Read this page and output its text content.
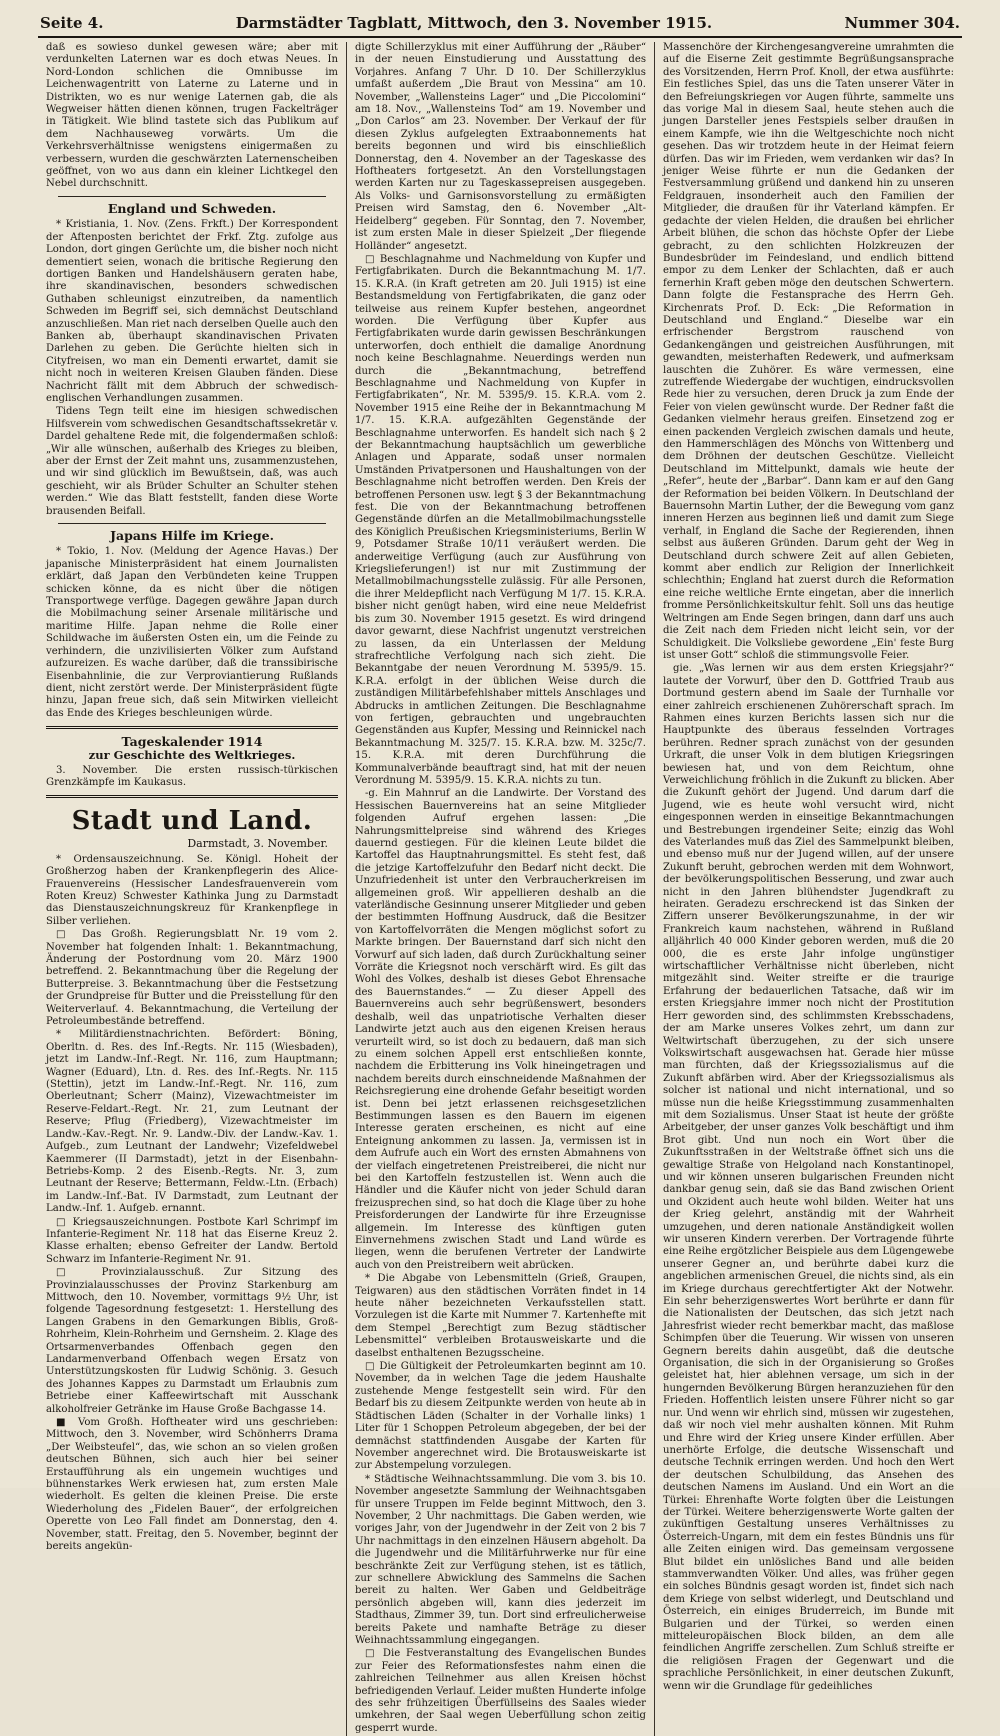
Seite 4.	Darmstädter Tagblatt, Mittwoch, den 3. November 1915.	Nummer 304.

daß es sowieso dunkel gewesen wäre; aber mit verdunkelten Laternen war es doch etwas Neues. In Nord-London schlichen die Omnibusse im Leichenwagentritt von Laterne zu Laterne und in Distrikten, wo es nur wenige Laternen gab, die als Wegweiser hätten dienen können, trugen Fackelträger in Tätigkeit. Wie blind tastete sich das Publikum auf dem Nachhauseweg vorwärts. Um die Verkehrsverhältnisse wenigstens einigermaßen zu verbessern, wurden die geschwärzten Laternenscheiben geöffnet, von wo aus dann ein kleiner Lichtkegel den Nebel durchschnitt.

England und Schweden.

* Kristiania, 1. Nov. (Zens. Frkft.) Der Korrespondent der Aftenposten berichtet der Frkf. Ztg. zufolge aus London, dort gingen Gerüchte um, die bisher noch nicht dementiert seien, wonach die britische Regierung den dortigen Banken und Handelshäusern geraten habe, ihre skandinavischen, besonders schwedischen Guthaben schleunigst einzutreiben, da namentlich Schweden im Begriff sei, sich demnächst Deutschland anzuschließen. Man riet nach derselben Quelle auch den Banken ab, überhaupt skandinavischen Privaten Darlehen zu geben. Die Gerüchte hielten sich in Cityfreisen, wo man ein Dementi erwartet, damit sie nicht noch in weiteren Kreisen Glauben fänden. Diese Nachricht fällt mit dem Abbruch der schwedisch-englischen Verhandlungen zusammen.

Tidens Tegn teilt eine im hiesigen schwedischen Hilfsverein vom schwedischen Gesandtschaftssekretär v. Dardel gehaltene Rede mit, die folgendermaßen schloß: „Wir alle wünschen, außerhalb des Krieges zu bleiben, aber der Ernst der Zeit mahnt uns, zusammenzustehen, und wir sind glücklich im Bewußtsein, daß, was auch geschieht, wir als Brüder Schulter an Schulter stehen werden.“ Wie das Blatt feststellt, fanden diese Worte brausenden Beifall.

Japans Hilfe im Kriege.

* Tokio, 1. Nov. (Meldung der Agence Havas.) Der japanische Ministerpräsident hat einem Journalisten erklärt, daß Japan den Verbündeten keine Truppen schicken könne, da es nicht über die nötigen Transportwege verfüge. Dagegen gewähre Japan durch die Mobilmachung seiner Arsenale militärische und maritime Hilfe. Japan nehme die Rolle einer Schildwache im äußersten Osten ein, um die Feinde zu verhindern, die unzivilisierten Völker zum Aufstand aufzureizen. Es wache darüber, daß die transsibirische Eisenbahnlinie, die zur Verproviantierung Rußlands dient, nicht zerstört werde. Der Ministerpräsident fügte hinzu, Japan freue sich, daß sein Mitwirken vielleicht das Ende des Krieges beschleunigen würde.

Tageskalender 1914
zur Geschichte des Weltkrieges.

3. November. Die ersten russisch-türkischen Grenzkämpfe im Kaukasus.

Stadt und Land.
Darmstadt, 3. November.

* Ordensauszeichnung. Se. Königl. Hoheit der Großherzog haben der Krankenpflegerin des Alice-Frauenvereins (Hessischer Landesfrauenverein vom Roten Kreuz) Schwester Kathinka Jung zu Darmstadt das Dienstauszeichnungskreuz für Krankenpflege in Silber verliehen.

□ Das Großh. Regierungsblatt Nr. 19 vom 2. November hat folgenden Inhalt: 1. Bekanntmachung, Änderung der Postordnung vom 20. März 1900 betreffend. 2. Bekanntmachung über die Regelung der Butterpreise. 3. Bekanntmachung über die Festsetzung der Grundpreise für Butter und die Preisstellung für den Weiterverlauf. 4. Bekanntmachung, die Verteilung der Petroleumbestände betreffend.

* Militärdienstnachrichten. Befördert: Böning, Oberltn. d. Res. des Inf.-Regts. Nr. 115 (Wiesbaden), jetzt im Landw.-Inf.-Regt. Nr. 116, zum Hauptmann; Wagner (Eduard), Ltn. d. Res. des Inf.-Regts. Nr. 115 (Stettin), jetzt im Landw.-Inf.-Regt. Nr. 116, zum Oberleutnant; Scherr (Mainz), Vizewachtmeister im Reserve-Feldart.-Regt. Nr. 21, zum Leutnant der Reserve; Pflug (Friedberg), Vizewachtmeister im Landw.-Kav.-Regt. Nr. 9. Landw.-Div. der Landw.-Kav. 1. Aufgeb., zum Leutnant der Landwehr; Vizefeldwebel Kaemmerer (II Darmstadt), jetzt in der Eisenbahn-Betriebs-Komp. 2 des Eisenb.-Regts. Nr. 3, zum Leutnant der Reserve; Bettermann, Feldw.-Ltn. (Erbach) im Landw.-Inf.-Bat. IV Darmstadt, zum Leutnant der Landw.-Inf. 1. Aufgeb. ernannt.

□ Kriegsauszeichnungen. Postbote Karl Schrimpf im Infanterie-Regiment Nr. 118 hat das Eiserne Kreuz 2. Klasse erhalten; ebenso Gefreiter der Landw. Bertold Schwarz im Infanterie-Regiment Nr. 91.

□ Provinzialausschuß. Zur Sitzung des Provinzialausschusses der Provinz Starkenburg am Mittwoch, den 10. November, vormittags 9½ Uhr, ist folgende Tagesordnung festgesetzt: 1. Herstellung des Langen Grabens in den Gemarkungen Biblis, Groß-Rohrheim, Klein-Rohrheim und Gernsheim. 2. Klage des Ortsarmenverbandes Offenbach gegen den Landarmenverband Offenbach wegen Ersatz von Unterstützungskosten für Ludwig Schönig. 3. Gesuch des Johannes Kappes zu Darmstadt um Erlaubnis zum Betriebe einer Kaffeewirtschaft mit Ausschank alkoholfreier Getränke im Hause Große Bachgasse 14.

■ Vom Großh. Hoftheater wird uns geschrieben: Mittwoch, den 3. November, wird Schönherrs Drama „Der Weibsteufel“, das, wie schon an so vielen großen deutschen Bühnen, sich auch hier bei seiner Erstaufführung als ein ungemein wuchtiges und bühnenstarkes Werk erwiesen hat, zum ersten Male wiederholt. Es gelten die kleinen Preise. Die erste Wiederholung des „Fidelen Bauer“, der erfolgreichen Operette von Leo Fall findet am Donnerstag, den 4. November, statt. Freitag, den 5. November, beginnt der bereits angekün-

digte Schillerzyklus mit einer Aufführung der „Räuber“ in der neuen Einstudierung und Ausstattung des Vorjahres. Anfang 7 Uhr. D 10. Der Schillerzyklus umfaßt außerdem „Die Braut von Messina“ am 10. November, „Wallensteins Lager“ und „Die Piccolomini“ am 18. Nov., „Wallensteins Tod“ am 19. November und „Don Carlos“ am 23. November. Der Verkauf der für diesen Zyklus aufgelegten Extraabonnements hat bereits begonnen und wird bis einschließlich Donnerstag, den 4. November an der Tageskasse des Hoftheaters fortgesetzt. An den Vorstellungstagen werden Karten nur zu Tageskassepreisen ausgegeben. Als Volks- und Garnisonsvorstellung zu ermäßigten Preisen wird Samstag, den 6. November „Alt-Heidelberg“ gegeben. Für Sonntag, den 7. November, ist zum ersten Male in dieser Spielzeit „Der fliegende Holländer“ angesetzt.

□ Beschlagnahme und Nachmeldung von Kupfer und Fertigfabrikaten. Durch die Bekanntmachung M. 1/7. 15. K.R.A. (in Kraft getreten am 20. Juli 1915) ist eine Bestandsmeldung von Fertigfabrikaten, die ganz oder teilweise aus reinem Kupfer bestehen, angeordnet worden. Die Verfügung über Kupfer aus Fertigfabrikaten wurde darin gewissen Beschränkungen unterworfen, doch enthielt die damalige Anordnung noch keine Beschlagnahme. Neuerdings werden nun durch die „Bekanntmachung, betreffend Beschlagnahme und Nachmeldung von Kupfer in Fertigfabrikaten“, Nr. M. 5395/9. 15. K.R.A. vom 2. November 1915 eine Reihe der in Bekanntmachung M 1/7. 15. K.R.A. aufgezählten Gegenstände der Beschlagnahme unterworfen. Es handelt sich nach § 2 der Bekanntmachung hauptsächlich um gewerbliche Anlagen und Apparate, sodaß unser normalen Umständen Privatpersonen und Haushaltungen von der Beschlagnahme nicht betroffen werden. Den Kreis der betroffenen Personen usw. legt § 3 der Bekanntmachung fest. Die von der Bekanntmachung betroffenen Gegenstände dürfen an die Metallmobilmachungsstelle des Königlich Preußischen Kriegsministeriums, Berlin W 9, Potsdamer Straße 10/11 veräußert werden. Die anderweitige Verfügung (auch zur Ausführung von Kriegslieferungen!) ist nur mit Zustimmung der Metallmobilmachungsstelle zulässig. Für alle Personen, die ihrer Meldepflicht nach Verfügung M 1/7. 15. K.R.A. bisher nicht genügt haben, wird eine neue Meldefrist bis zum 30. November 1915 gesetzt. Es wird dringend davor gewarnt, diese Nachfrist ungenutzt verstreichen zu lassen, da ein Unterlassen der Meldung strafrechtliche Verfolgung nach sich zieht. Die Bekanntgabe der neuen Verordnung M. 5395/9. 15. K.R.A. erfolgt in der üblichen Weise durch die zuständigen Militärbefehlshaber mittels Anschlages und Abdrucks in amtlichen Zeitungen. Die Beschlagnahme von fertigen, gebrauchten und ungebrauchten Gegenständen aus Kupfer, Messing und Reinnickel nach Bekanntmachung M. 325/7. 15. K.R.A. bzw. M. 325c/7. 15. K.R.A. mit deren Durchführung die Kommunalverbände beauftragt sind, hat mit der neuen Verordnung M. 5395/9. 15. K.R.A. nichts zu tun.

-g. Ein Mahnruf an die Landwirte. Der Vorstand des Hessischen Bauernvereins hat an seine Mitglieder folgenden Aufruf ergehen lassen: „Die Nahrungsmittelpreise sind während des Krieges dauernd gestiegen. Für die kleinen Leute bildet die Kartoffel das Hauptnahrungsmittel. Es steht fest, daß die jetzige Kartoffelzufuhr den Bedarf nicht deckt. Die Unzufriedenheit ist unter den Verbraucherkreisen im allgemeinen groß. Wir appellieren deshalb an die vaterländische Gesinnung unserer Mitglieder und geben der bestimmten Hoffnung Ausdruck, daß die Besitzer von Kartoffelvorräten die Mengen möglichst sofort zu Markte bringen. Der Bauernstand darf sich nicht den Vorwurf auf sich laden, daß durch Zurückhaltung seiner Vorräte die Kriegsnot noch verschärft wird. Es gilt das Wohl des Volkes, deshalb ist dieses Gebot Ehrensache des Bauernstandes.“ — Zu dieser Appell des Bauernvereins auch sehr begrüßenswert, besonders deshalb, weil das unpatriotische Verhalten dieser Landwirte jetzt auch aus den eigenen Kreisen heraus verurteilt wird, so ist doch zu bedauern, daß man sich zu einem solchen Appell erst entschließen konnte, nachdem die Erbitterung ins Volk hineingetragen und nachdem bereits durch einschneidende Maßnahmen der Reichsregierung eine drohende Gefahr beseitigt worden ist. Denn bei jetzt erlassenen reichsgesetzlichen Bestimmungen lassen es den Bauern im eigenen Interesse geraten erscheinen, es nicht auf eine Enteignung ankommen zu lassen. Ja, vermissen ist in dem Aufrufe auch ein Wort des ernsten Abmahnens von der vielfach eingetretenen Preistreiberei, die nicht nur bei den Kartoffeln festzustellen ist. Wenn auch die Händler und die Käufer nicht von jeder Schuld daran freizusprechen sind, so hat doch die Klage über zu hohe Preisforderungen der Landwirte für ihre Erzeugnisse allgemein. Im Interesse des künftigen guten Einvernehmens zwischen Stadt und Land würde es liegen, wenn die berufenen Vertreter der Landwirte auch von den Preistreibern weit abrücken.

* Die Abgabe von Lebensmitteln (Grieß, Graupen, Teigwaren) aus den städtischen Vorräten findet in 14 heute näher bezeichneten Verkaufsstellen statt. Vorzulegen ist die Karte mit Nummer 7. Kartenhefte mit dem Stempel „Berechtigt zum Bezug städtischer Lebensmittel“ verbleiben Brotausweiskarte und die daselbst enthaltenen Bezugsscheine.

□ Die Gültigkeit der Petroleumkarten beginnt am 10. November, da in welchen Tage die jedem Haushalte zustehende Menge festgestellt sein wird. Für den Bedarf bis zu diesem Zeitpunkte werden von heute ab in Städtischen Läden (Schalter in der Vorhalle links) 1 Liter für 1 Schoppen Petroleum abgegeben, der bei der demnächst stattfindenden Ausgabe der Karten für November angerechnet wird. Die Brotausweiskarte ist zur Abstempelung vorzulegen.

* Städtische Weihnachtssammlung. Die vom 3. bis 10. November angesetzte Sammlung der Weihnachtsgaben für unsere Truppen im Felde beginnt Mittwoch, den 3. November, 2 Uhr nachmittags. Die Gaben werden, wie voriges Jahr, von der Jugendwehr in der Zeit von 2 bis 7 Uhr nachmittags in den einzelnen Häusern abgeholt. Da die Jugendwehr und die Militärfuhrwerke nur für eine beschränkte Zeit zur Verfügung stehen, ist es tätlich, zur schnellere Abwicklung des Sammelns die Sachen bereit zu halten. Wer Gaben und Geldbeiträge persönlich abgeben will, kann dies jederzeit im Stadthaus, Zimmer 39, tun. Dort sind erfreulicherweise bereits Pakete und namhafte Beträge zu dieser Weihnachtssammlung eingegangen.

□ Die Festveranstaltung des Evangelischen Bundes zur Feier des Reformationsfestes nahm einen die zahlreichen Teilnehmer aus allen Kreisen höchst befriedigenden Verlauf. Leider mußten Hunderte infolge des sehr frühzeitigen Überfüllseins des Saales wieder umkehren, der Saal wegen Ueberfüllung schon zeitig gesperrt wurde.

Massenchöre der Kirchengesangvereine umrahmten die auf die Eiserne Zeit gestimmte Begrüßungsansprache des Vorsitzenden, Herrn Prof. Knoll, der etwa ausführte: Ein festliches Spiel, das uns die Taten unserer Väter in den Befreiungskriegen vor Augen führte, sammelte uns das vorige Mal in diesem Saal, heute stehen auch die jungen Darsteller jenes Festspiels selber draußen in einem Kampfe, wie ihn die Weltgeschichte noch nicht gesehen. Das wir trotzdem heute in der Heimat feiern dürfen. Das wir im Frieden, wem verdanken wir das? In jeniger Weise führte er nun die Gedanken der Festversammlung grüßend und dankend hin zu unseren Feldgrauen, insonderheit auch den Familien der Mitglieder, die draußen für ihr Vaterland kämpfen. Er gedachte der vielen Helden, die draußen bei ehrlicher Arbeit blühen, die schon das höchste Opfer der Liebe gebracht, zu den schlichten Holzkreuzen der Bundesbrüder im Feindesland, und endlich bittend empor zu dem Lenker der Schlachten, daß er auch fernerhin Kraft geben möge den deutschen Schwertern. Dann folgte die Festansprache des Herrn Geh. Kirchenrats Prof. D. Eck: „Die Reformation in Deutschland und England.“ Dieselbe war ein erfrischender Bergstrom rauschend von Gedankengängen und geistreichen Ausführungen, mit gewandten, meisterhaften Redewerk, und aufmerksam lauschten die Zuhörer. Es wäre vermessen, eine zutreffende Wiedergabe der wuchtigen, eindrucksvollen Rede hier zu versuchen, deren Druck ja zum Ende der Feier von vielen gewünscht wurde. Der Redner faßt die Gedanken vielmehr heraus greifen. Einsetzend zog er einen packenden Vergleich zwischen damals und heute, den Hammerschlägen des Mönchs von Wittenberg und dem Dröhnen der deutschen Geschütze. Vielleicht Deutschland im Mittelpunkt, damals wie heute der „Refer“, heute der „Barbar“. Dann kam er auf den Gang der Reformation bei beiden Völkern. In Deutschland der Bauernsohn Martin Luther, der die Bewegung vom ganz inneren Herzen aus beginnen ließ und damit zum Siege verhalf, in England die Sache der Regierenden, ihnen selbst aus äußeren Gründen. Darum geht der Weg in Deutschland durch schwere Zeit auf allen Gebieten, kommt aber endlich zur Religion der Innerlichkeit schlechthin; England hat zuerst durch die Reformation eine reiche weltliche Ernte eingetan, aber die innerlich fromme Persönlichkeitskultur fehlt. Soll uns das heutige Weltringen am Ende Segen bringen, dann darf uns auch die Zeit nach dem Frieden nicht leicht sein, vor der Schuldigkeit. Die Volksliebe gewordene „Ein' feste Burg ist unser Gott“ schloß die stimmungsvolle Feier.

gie. „Was lernen wir aus dem ersten Kriegsjahr?“ lautete der Vorwurf, über den D. Gottfried Traub aus Dortmund gestern abend im Saale der Turnhalle vor einer zahlreich erschienenen Zuhörerschaft sprach. Im Rahmen eines kurzen Berichts lassen sich nur die Hauptpunkte des überaus fesselnden Vortrages berühren. Redner sprach zunächst von der gesunden Urkraft, die unser Volk in dem blutigen Kriegsringen bewiesen hat, und von dem Reichtum, ohne Verweichlichung fröhlich in die Zukunft zu blicken. Aber die Zukunft gehört der Jugend. Und darum darf die Jugend, wie es heute wohl versucht wird, nicht eingesponnen werden in einseitige Bekanntmachungen und Bestrebungen irgendeiner Seite; einzig das Wohl des Vaterlandes muß das Ziel des Sammelpunkt bleiben, und ebenso muß nur der Jugend willen, auf der unsere Zukunft beruht, gebrochen werden mit dem Wohnwort, der bevölkerungspolitischen Besserung, und zwar auch nicht in den Jahren blühendster Jugendkraft zu heiraten. Geradezu erschreckend ist das Sinken der Ziffern unserer Bevölkerungszunahme, in der wir Frankreich kaum nachstehen, während in Rußland alljährlich 40 000 Kinder geboren werden, muß die 20 000, die es erste Jahr infolge ungünstiger wirtschaftlicher Verhältnisse nicht überleben, nicht mitgezählt sind. Weiter streifte er die traurige Erfahrung der bedauerlichen Tatsache, daß wir im ersten Kriegsjahre immer noch nicht der Prostitution Herr geworden sind, des schlimmsten Krebsschadens, der am Marke unseres Volkes zehrt, um dann zur Weltwirtschaft überzugehen, zu der sich unsere Volkswirtschaft ausgewachsen hat. Gerade hier müsse man fürchten, daß der Kriegssozialismus auf die Zukunft abfärben wird. Aber der Kriegssozialismus als solcher ist national und nicht international, und so müsse nun die heiße Kriegsstimmung zusammenhalten mit dem Sozialismus. Unser Staat ist heute der größte Arbeitgeber, der unser ganzes Volk beschäftigt und ihm Brot gibt. Und nun noch ein Wort über die Zukunftsstraßen in der Weltstraße öffnet sich uns die gewaltige Straße von Helgoland nach Konstantinopel, und wir können unseren bulgarischen Freunden nicht dankbar genug sein, daß sie das Band zwischen Orient und Okzident auch heute wohl bilden. Weiter hat uns der Krieg gelehrt, anständig mit der Wahrheit umzugehen, und deren nationale Anständigkeit wollen wir unseren Kindern vererben. Der Vortragende führte eine Reihe ergötzlicher Beispiele aus dem Lügengewebe unserer Gegner an, und berührte dabei kurz die angeblichen armenischen Greuel, die nichts sind, als ein im Kriege durchaus gerechtfertigter Akt der Notwehr. Ein sehr beherzigenswertes Wort berührte er dann für die Nationalisten der Deutschen, das sich jetzt nach Jahresfrist wieder recht bemerkbar macht, das maßlose Schimpfen über die Teuerung. Wir wissen von unseren Gegnern bereits dahin ausgeübt, daß die deutsche Organisation, die sich in der Organisierung so Großes geleistet hat, hier ablehnen versage, um sich in der hungernden Bevölkerung Bürgen heranzuziehen für den Frieden. Hoffentlich leisten unsere Führer nicht so gar nur. Und wenn wir ehrlich sind, müssen wir zugestehen, daß wir noch viel mehr aushalten können. Mit Ruhm und Ehre wird der Krieg unsere Kinder erfüllen. Aber unerhörte Erfolge, die deutsche Wissenschaft und deutsche Technik erringen werden. Und hoch den Wert der deutschen Schulbildung, das Ansehen des deutschen Namens im Ausland. Und ein Wort an die Türkei: Ehrenhafte Worte folgten über die Leistungen der Türkei. Weitere beherzigenswerte Worte galten der zukünftigen Gestaltung unseres Verhältnisses zu Österreich-Ungarn, mit dem ein festes Bündnis uns für alle Zeiten einigen wird. Das gemeinsam vergossene Blut bildet ein unlösliches Band und alle beiden stammverwandten Völker. Und alles, was früher gegen ein solches Bündnis gesagt worden ist, findet sich nach dem Kriege von selbst widerlegt, und Deutschland und Österreich, ein einiges Bruderreich, im Bunde mit Bulgarien und der Türkei, so werden einen mitteleuropäischen Block bilden, an dem alle feindlichen Angriffe zerschellen. Zum Schluß streifte er die religiösen Fragen der Gegenwart und die sprachliche Persönlichkeit, in einer deutschen Zukunft, wenn wir die Grundlage für gedeihliches
